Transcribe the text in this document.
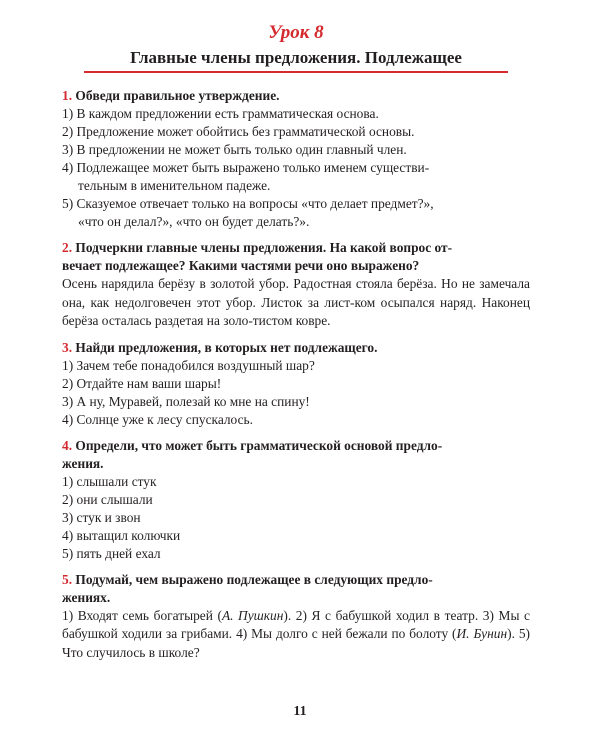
Урок 8
Главные члены предложения. Подлежащее

1. Обведи правильное утверждение.

1) В каждом предложении есть грамматическая основа.

2) Предложение может обойтись без грамматической основы.

3) В предложении не может быть только один главный член.

4) Подлежащее может быть выражено только именем существи-

тельным в именительном падеже.

5) Сказуемое отвечает только на вопросы «что делает предмет?»,

«что он делал?», «что он будет делать?».

2. Подчеркни главные члены предложения. На какой вопрос от-

вечает подлежащее? Какими частями речи оно выражено?

Осень нарядила берёзу в золотой убор. Радостная стояла берёза. Но не замечала она, как недолговечен этот убор. Листок за лист-ком осыпался наряд. Наконец берёза осталась раздетая на золо-тистом ковре.

3. Найди предложения, в которых нет подлежащего.

1) Зачем тебе понадобился воздушный шар?

2) Отдайте нам ваши шары!

3) А ну, Муравей, полезай ко мне на спину!

4) Солнце уже к лесу спускалось.

4. Определи, что может быть грамматической основой предло-

жения.

1) слышали стук

2) они слышали

3) стук и звон

4) вытащил колючки

5) пять дней ехал

5. Подумай, чем выражено подлежащее в следующих предло-

жениях.

1) Входят семь богатырей (А. Пушкин). 2) Я с бабушкой ходил в театр. 3) Мы с бабушкой ходили за грибами. 4) Мы долго с ней бежали по болоту (И. Бунин). 5) Что случилось в школе?

11
